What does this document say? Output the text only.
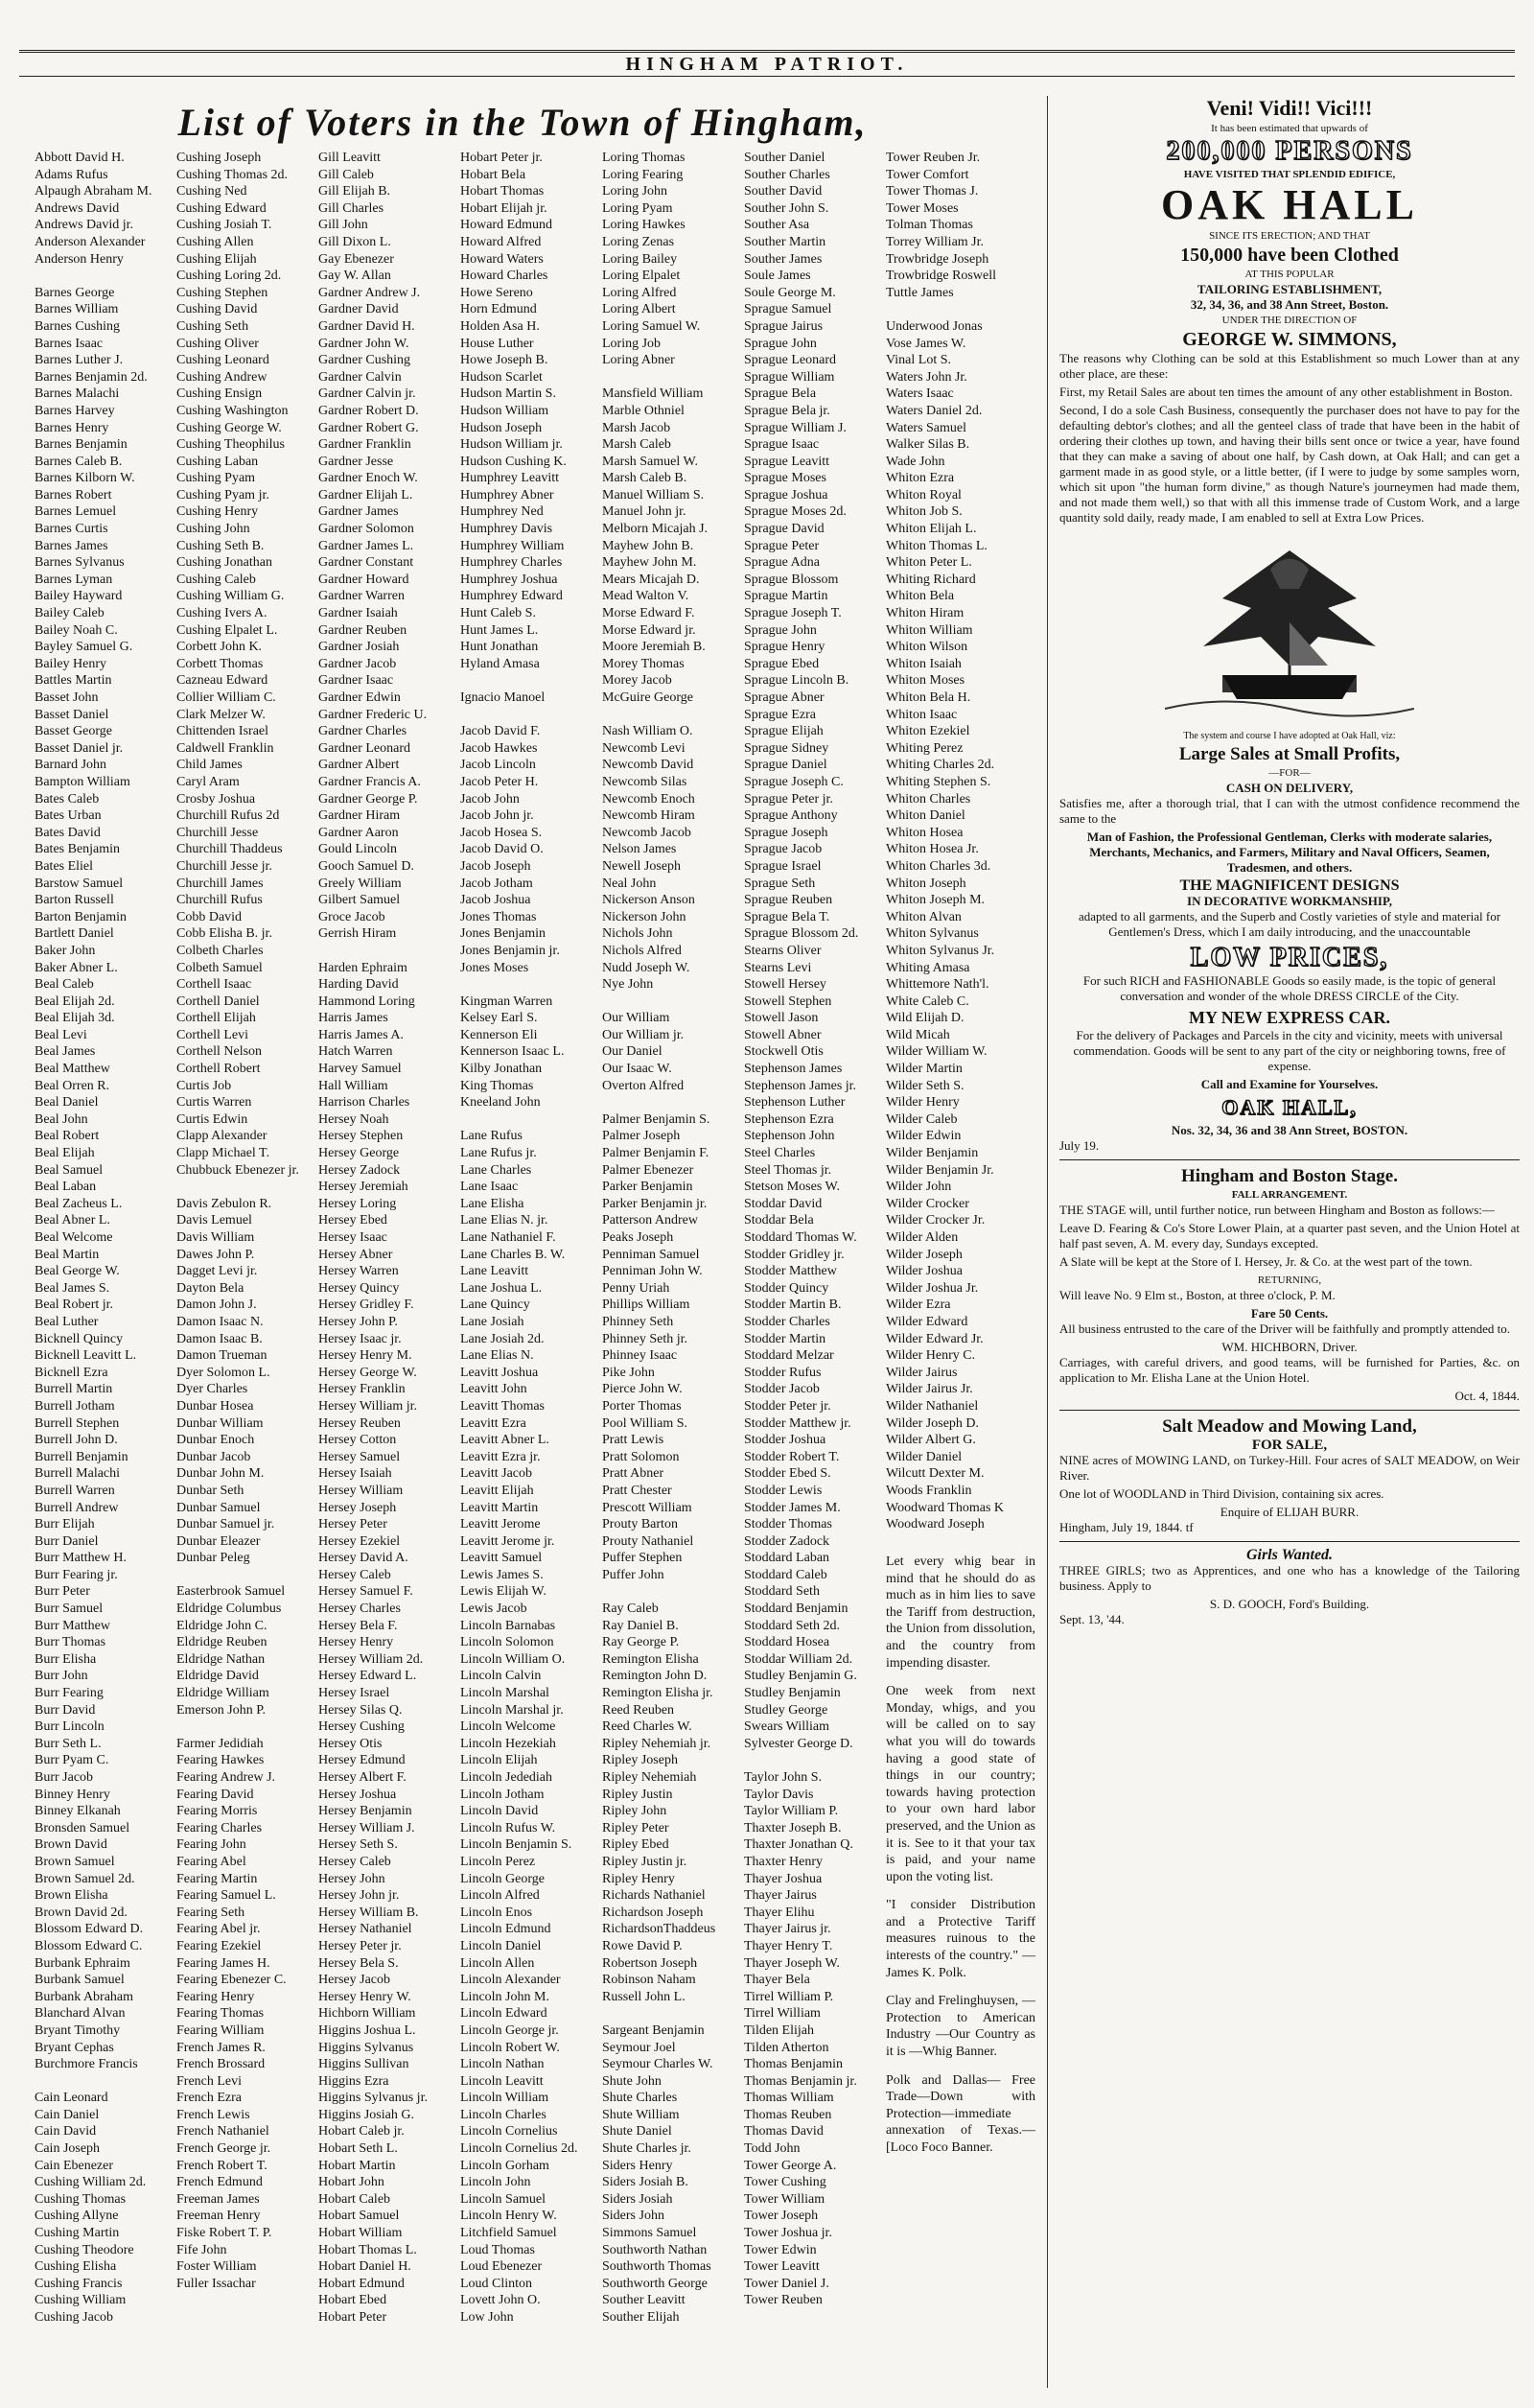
HINGHAM PATRIOT.
List of Voters in the Town of Hingham,
Abbott David H.
Adams Rufus
Alpaugh Abraham M.
Andrews David
Andrews David jr.
Anderson Alexander
Anderson Henry
Barnes George
Barnes William
Barnes Cushing
Barnes Isaac
Barnes Luther J.
Barnes Benjamin 2d.
Barnes Malachi
Barnes Harvey
Barnes Henry
Barnes Benjamin
Barnes Caleb B.
Barnes Kilborn W.
Barnes Robert
Barnes Lemuel
Barnes Curtis
Barnes James
Barnes Sylvanus
Barnes Lyman
Bailey Hayward
Bailey Caleb
Bailey Noah C.
Bayley Samuel G.
Bailey Henry
Battles Martin
Basset John
Basset Daniel
Basset George
Basset Daniel jr.
Barnard John
Bampton William
Bates Caleb
Bates Urban
Bates David
Bates Benjamin
Bates Eliel
Barstow Samuel
Barton Russell
Barton Benjamin
Bartlett Daniel
Baker John
Baker Abner L.
Beal Caleb
Beal Elijah 2d.
Beal Elijah 3d.
Beal Levi
Beal James
Beal Matthew
Beal Orren R.
Beal Daniel
Beal John
Beal Robert
Beal Elijah
Beal Samuel
Beal Laban
Beal Zacheus L.
Beal Abner L.
Beal Welcome
Beal Martin
Beal George W.
Beal James S.
Beal Robert jr.
Beal Luther
Bicknell Quincy
Bicknell Leavitt L.
Bicknell Ezra
Burrell Martin
Burrell Jotham
Burrell Stephen
Burrell John D.
Burrell Benjamin
Burrell Malachi
Burrell Warren
Burrell Andrew
Burr Elijah
Burr Daniel
Burr Matthew H.
Burr Fearing jr.
Burr Peter
Burr Samuel
Burr Matthew
Burr Thomas
Burr Elisha
Burr John
Burr Fearing
Burr David
Burr Lincoln
Burr Seth L.
Burr Pyam C.
Burr Jacob
Binney Henry
Binney Elkanah
Bronsden Samuel
Brown David
Brown Samuel
Brown Samuel 2d.
Brown Elisha
Brown David 2d.
Blossom Edward D.
Blossom Edward C.
Burbank Ephraim
Burbank Samuel
Burbank Abraham
Blanchard Alvan
Bryant Timothy
Bryant Cephas
Burchmore Francis
Cain Leonard
Cain Daniel
Cain David
Cain Joseph
Cain Ebenezer
Cushing William 2d.
Cushing Thomas
Cushing Allyne
Cushing Martin
Cushing Theodore
Cushing Elisha
Cushing Francis
Cushing William
Cushing Jacob
Cushing Joseph
Cushing Thomas 2d.
Cushing Ned
Cushing Edward
Cushing Josiah T.
Cushing Allen
Cushing Elijah
Cushing Loring 2d.
Cushing Stephen
Cushing David
Cushing Seth
Cushing Oliver
Cushing Leonard
Cushing Andrew
Cushing Ensign
Cushing Washington
Cushing George W.
Cushing Theophilus
Cushing Laban
Cushing Pyam
Cushing Pyam jr.
Cushing Henry
Cushing John
Cushing Seth B.
Cushing Jonathan
Cushing Caleb
Cushing William G.
Cushing Ivers A.
Cushing Elpalet L.
Corbett John K.
Corbett Thomas
Cazneau Edward
Collier William C.
Clark Melzer W.
Chittenden Israel
Caldwell Franklin
Child James
Caryl Aram
Crosby Joshua
Churchill Rufus 2d
Churchill Jesse
Churchill Thaddeus
Churchill Jesse jr.
Churchill James
Churchill Rufus
Cobb David
Cobb Elisha B. jr.
Colbeth Charles
Colbeth Samuel
Corthell Isaac
Corthell Daniel
Corthell Elijah
Corthell Levi
Corthell Nelson
Corthell Robert
Curtis Job
Curtis Warren
Curtis Edwin
Clapp Alexander
Clapp Michael T.
Chubbuck Ebenezer jr.
Davis Zebulon R.
Davis Lemuel
Davis William
Dawes John P.
Dagget Levi jr.
Dayton Bela
Damon John J.
Damon Isaac N.
Damon Isaac B.
Damon Trueman
Dyer Solomon L.
Dyer Charles
Dunbar Hosea
Dunbar William
Dunbar Enoch
Dunbar Jacob
Dunbar John M.
Dunbar Seth
Dunbar Samuel
Dunbar Samuel jr.
Dunbar Eleazer
Dunbar Peleg
Easterbrook Samuel
Eldridge Columbus
Eldridge John C.
Eldridge Reuben
Eldridge Nathan
Eldridge David
Eldridge William
Emerson John P.
Farmer Jedidiah
Fearing Hawkes
Fearing Andrew J.
Fearing David
Fearing Morris
Fearing Charles
Fearing John
Fearing Abel
Fearing Martin
Fearing Samuel L.
Fearing Seth
Fearing Abel jr.
Fearing Ezekiel
Fearing James H.
Fearing Ebenezer C.
Fearing Henry
Fearing Thomas
Fearing William
French James R.
French Brossard
French Levi
French Ezra
French Lewis
French Nathaniel
French George jr.
French Robert T.
French Edmund
Freeman James
Freeman Henry
Fiske Robert T. P.
Fife John
Foster William
Fuller Issachar
Gill Leavitt
Gill Caleb
Gill Elijah B.
Gill Charles
Gill John
Gill Dixon L.
Gay Ebenezer
Gay W. Allan
Gardner Andrew J.
Gardner David
Gardner David H.
Gardner John W.
Gardner Cushing
Gardner Calvin
Gardner Calvin jr.
Gardner Robert D.
Gardner Robert G.
Gardner Franklin
Gardner Jesse
Gardner Enoch W.
Gardner Elijah L.
Gardner James
Gardner Solomon
Gardner James L.
Gardner Constant
Gardner Howard
Gardner Warren
Gardner Isaiah
Gardner Reuben
Gardner Josiah
Gardner Jacob
Gardner Isaac
Gardner Edwin
Gardner Frederic U.
Gardner Charles
Gardner Leonard
Gardner Albert
Gardner Francis A.
Gardner George P.
Gardner Hiram
Gardner Aaron
Gould Lincoln
Gooch Samuel D.
Greely William
Gilbert Samuel
Groce Jacob
Gerrish Hiram
Harden Ephraim
Harding David
Hammond Loring
Harris James
Harris James A.
Hatch Warren
Harvey Samuel
Hall William
Harrison Charles
Hersey Noah
Hersey Stephen
Hersey George
Hersey Zadock
Hersey Jeremiah
Hersey Loring
Hersey Ebed
Hersey Isaac
Hersey Abner
Hersey Warren
Hersey Quincy
Hersey Gridley F.
Hersey John P.
Hersey Isaac jr.
Hersey Henry M.
Hersey George W.
Hersey Franklin
Hersey William jr.
Hersey Reuben
Hersey Cotton
Hersey Samuel
Hersey Isaiah
Hersey William
Hersey Joseph
Hersey Peter
Hersey Ezekiel
Hersey David A.
Hersey Caleb
Hersey Samuel F.
Hersey Charles
Hersey Bela F.
Hersey Henry
Hersey William 2d.
Hersey Edward L.
Hersey Israel
Hersey Silas Q.
Hersey Cushing
Hersey Otis
Hersey Edmund
Hersey Albert F.
Hersey Joshua
Hersey Benjamin
Hersey William J.
Hersey Seth S.
Hersey Caleb
Hersey John
Hersey John jr.
Hersey William B.
Hersey Nathaniel
Hersey Peter jr.
Hersey Bela S.
Hersey Jacob
Hersey Henry W.
Hichborn William
Higgins Joshua L.
Higgins Sylvanus
Higgins Sullivan
Higgins Ezra
Higgins Sylvanus jr.
Higgins Josiah G.
Hobart Caleb jr.
Hobart Seth L.
Hobart Martin
Hobart John
Hobart Caleb
Hobart Samuel
Hobart William
Hobart Thomas L.
Hobart Daniel H.
Hobart Edmund
Hobart Ebed
Hobart Peter
Hobart Peter jr.
Hobart Bela
Hobart Thomas
Hobart Elijah jr.
Howard Edmund
Howard Alfred
Howard Waters
Howard Charles
Howe Sereno
Horn Edmund
Holden Asa H.
House Luther
Howe Joseph B.
Hudson Scarlet
Hudson Martin S.
Hudson William
Hudson Joseph
Hudson William jr.
Hudson Cushing K.
Humphrey Leavitt
Humphrey Abner
Humphrey Ned
Humphrey Davis
Humphrey William
Humphrey Charles
Humphrey Joshua
Humphrey Edward
Hunt Caleb S.
Hunt James L.
Hunt Jonathan
Hyland Amasa
Ignacio Manoel
Jacob David F.
Jacob Hawkes
Jacob Lincoln
Jacob Peter H.
Jacob John
Jacob John jr.
Jacob Hosea S.
Jacob David O.
Jacob Joseph
Jacob Jotham
Jacob Joshua
Jones Thomas
Jones Benjamin
Jones Benjamin jr.
Jones Moses
Kingman Warren
Kelsey Earl S.
Kennerson Eli
Kennerson Isaac L.
Kilby Jonathan
King Thomas
Kneeland John
Lane Rufus
Lane Rufus jr.
Lane Charles
Lane Isaac
Lane Elisha
Lane Elias N. jr.
Lane Nathaniel F.
Lane Charles B. W.
Lane Leavitt
Lane Joshua L.
Lane Quincy
Lane Josiah
Lane Josiah 2d.
Lane Elias N.
Leavitt Joshua
Leavitt John
Leavitt Thomas
Leavitt Ezra
Leavitt Abner L.
Leavitt Ezra jr.
Leavitt Jacob
Leavitt Elijah
Leavitt Martin
Leavitt Jerome
Leavitt Jerome jr.
Leavitt Samuel
Lewis James S.
Lewis Elijah W.
Lewis Jacob
Lincoln Barnabas
Lincoln Solomon
Lincoln William O.
Lincoln Calvin
Lincoln Marshal
Lincoln Marshal jr.
Lincoln Welcome
Lincoln Hezekiah
Lincoln Elijah
Lincoln Jedediah
Lincoln Jotham
Lincoln David
Lincoln Rufus W.
Lincoln Benjamin S.
Lincoln Perez
Lincoln George
Lincoln Alfred
Lincoln Enos
Lincoln Edmund
Lincoln Daniel
Lincoln Allen
Lincoln Alexander
Lincoln John M.
Lincoln Edward
Lincoln George jr.
Lincoln Robert W.
Lincoln Nathan
Lincoln Leavitt
Lincoln William
Lincoln Charles
Lincoln Cornelius
Lincoln Cornelius 2d.
Lincoln Gorham
Lincoln John
Lincoln Samuel
Lincoln Henry W.
Litchfield Samuel
Loud Thomas
Loud Ebenezer
Loud Clinton
Lovett John O.
Low John
Loring Thomas
Loring Fearing
Loring John
Loring Pyam
Loring Hawkes
Loring Zenas
Loring Bailey
Loring Elpalet
Loring Alfred
Loring Albert
Loring Samuel W.
Loring Job
Loring Abner
Mansfield William
Marble Othniel
Marsh Jacob
Marsh Caleb
Marsh Samuel W.
Marsh Caleb B.
Manuel William S.
Manuel John jr.
Melborn Micajah J.
Mayhew John B.
Mayhew John M.
Mears Micajah D.
Mead Walton V.
Morse Edward F.
Morse Edward jr.
Moore Jeremiah B.
Morey Thomas
Morey Jacob
McGuire George
Nash William O.
Newcomb Levi
Newcomb David
Newcomb Silas
Newcomb Enoch
Newcomb Hiram
Newcomb Jacob
Nelson James
Newell Joseph
Neal John
Nickerson Anson
Nickerson John
Nichols John
Nichols Alfred
Nudd Joseph W.
Nye John
Our William
Our William jr.
Our Daniel
Our Isaac W.
Overton Alfred
Palmer Benjamin S.
Palmer Joseph
Palmer Benjamin F.
Palmer Ebenezer
Parker Benjamin
Parker Benjamin jr.
Patterson Andrew
Peaks Joseph
Penniman Samuel
Penniman John W.
Penny Uriah
Phillips William
Phinney Seth
Phinney Seth jr.
Phinney Isaac
Pike John
Pierce John W.
Porter Thomas
Pool William S.
Pratt Lewis
Pratt Solomon
Pratt Abner
Pratt Chester
Prescott William
Prouty Barton
Prouty Nathaniel
Puffer Stephen
Puffer John
Ray Caleb
Ray Daniel B.
Ray George P.
Remington Elisha
Remington John D.
Remington Elisha jr.
Reed Reuben
Reed Charles W.
Ripley Nehemiah jr.
Ripley Joseph
Ripley Nehemiah
Ripley Justin
Ripley John
Ripley Peter
Ripley Ebed
Ripley Justin jr.
Ripley Henry
Richards Nathaniel
Richardson Joseph
RichardsonThaddeus
Rowe David P.
Robertson Joseph
Robinson Naham
Russell John L.
Sargeant Benjamin
Seymour Joel
Seymour Charles W.
Shute John
Shute Charles
Shute William
Shute Daniel
Shute Charles jr.
Siders Henry
Siders Josiah B.
Siders Josiah
Siders John
Simmons Samuel
Southworth Nathan
Southworth Thomas
Southworth George
Souther Leavitt
Souther Elijah
Souther Daniel
Souther Charles
Souther David
Souther John S.
Souther Asa
Souther Martin
Souther James
Soule James
Soule George M.
Sprague Samuel
Sprague Jairus
Sprague John
Sprague Leonard
Sprague William
Sprague Bela
Sprague Bela jr.
Sprague William J.
Sprague Isaac
Sprague Leavitt
Sprague Moses
Sprague Joshua
Sprague Moses 2d.
Sprague David
Sprague Peter
Sprague Adna
Sprague Blossom
Sprague Martin
Sprague Joseph T.
Sprague John
Sprague Henry
Sprague Ebed
Sprague Lincoln B.
Sprague Abner
Sprague Ezra
Sprague Elijah
Sprague Sidney
Sprague Daniel
Sprague Joseph C.
Sprague Peter jr.
Sprague Anthony
Sprague Joseph
Sprague Jacob
Sprague Israel
Sprague Seth
Sprague Reuben
Sprague Bela T.
Sprague Blossom 2d.
Stearns Oliver
Stearns Levi
Stowell Hersey
Stowell Stephen
Stowell Jason
Stowell Abner
Stockwell Otis
Stephenson James
Stephenson James jr.
Stephenson Luther
Stephenson Ezra
Stephenson John
Steel Charles
Steel Thomas jr.
Stetson Moses W.
Stoddar David
Stoddar Bela
Stoddard Thomas W.
Stodder Gridley jr.
Stodder Matthew
Stodder Quincy
Stodder Martin B.
Stodder Charles
Stodder Martin
Stoddard Melzar
Stodder Rufus
Stodder Jacob
Stodder Peter jr.
Stodder Matthew jr.
Stodder Joshua
Stodder Robert T.
Stodder Ebed S.
Stodder Lewis
Stodder James M.
Stodder Thomas
Stodder Zadock
Stoddard Laban
Stoddard Caleb
Stoddard Seth
Stoddard Benjamin
Stoddard Seth 2d.
Stoddard Hosea
Stoddar William 2d.
Studley Benjamin G.
Studley Benjamin
Studley George
Swears William
Sylvester George D.
Taylor John S.
Taylor Davis
Taylor William P.
Thaxter Joseph B.
Thaxter Jonathan Q.
Thaxter Henry
Thayer Joshua
Thayer Jairus
Thayer Elihu
Thayer Jairus jr.
Thayer Henry T.
Thayer Joseph W.
Thayer Bela
Tirrel William P.
Tirrel William
Tilden Elijah
Tilden Atherton
Thomas Benjamin
Thomas Benjamin jr.
Thomas William
Thomas Reuben
Thomas David
Todd John
Tower George A.
Tower Cushing
Tower William
Tower Joseph
Tower Joshua jr.
Tower Edwin
Tower Leavitt
Tower Daniel J.
Tower Reuben
Veni! Vidi!! Vici!!!
It has been estimated that upwards of
200,000 PERSONS
HAVE VISITED THAT SPLENDID EDIFICE,
OAK HALL
SINCE ITS ERECTION; AND THAT
150,000 have been Clothed
AT THIS POPULAR
TAILORING ESTABLISHMENT,
32, 34, 36, and 38 Ann Street, Boston.
UNDER THE DIRECTION OF
GEORGE W. SIMMONS,

The reasons why Clothing can be sold at this Establishment so much Lower than at any other place, are these:

First, my Retail Sales are about ten times the amount of any other establishment in Boston.

Second, I do a sole Cash Business, consequently the purchaser does not have to pay for the defaulting debtor's clothes; and all the genteel class of trade that have been in the habit of ordering their clothes up town, and having their bills sent once or twice a year, have found that they can make a saving of about one half, by Cash down, at Oak Hall; and can get a garment made in as good style, or a little better, (if I were to judge by some samples worn, which sit upon "the human form divine," as though Nature's journeymen had made them, and not made them well,) so that with all this immense trade of Custom Work, and a large quantity sold daily, ready made, I am enabled to sell at Extra Low Prices.

The system and course I have adopted at Oak Hall, viz:
Large Sales at Small Profits,
—FOR—
CASH ON DELIVERY,

Satisfies me, after a thorough trial, that I can with the utmost confidence recommend the same to the

Man of Fashion, the Professional Gentleman, Clerks with moderate salaries, Merchants, Mechanics, and Farmers, Military and Naval Officers, Seamen, Tradesmen, and others.

THE MAGNIFICENT DESIGNS
IN DECORATIVE WORKMANSHIP,

adapted to all garments, and the Superb and Costly varieties of style and material for Gentlemen's Dress, which I am daily introducing, and the unaccountable

LOW PRICES,

For such RICH and FASHIONABLE Goods so easily made, is the topic of general conversation and wonder of the whole DRESS CIRCLE of the City.

MY NEW EXPRESS CAR.

For the delivery of Packages and Parcels in the city and vicinity, meets with universal commendation. Goods will be sent to any part of the city or neighboring towns, free of expense.

Call and Examine for Yourselves.
OAK HALL,
Nos. 32, 34, 36 and 38 Ann Street, BOSTON.
July 19.
Hingham and Boston Stage.
FALL ARRANGEMENT.

THE STAGE will, until further notice, run between Hingham and Boston as follows:—

Leave D. Fearing & Co's Store Lower Plain, at a quarter past seven, and the Union Hotel at half past seven, A. M. every day, Sundays excepted.

A Slate will be kept at the Store of I. Hersey, Jr. & Co. at the west part of the town.

RETURNING,

Will leave No. 9 Elm st., Boston, at three o'clock, P. M.

Fare 50 Cents.

All business entrusted to the care of the Driver will be faithfully and promptly attended to.

WM. HICHBORN, Driver.

Carriages, with careful drivers, and good teams, will be furnished for Parties, &c. on application to Mr. Elisha Lane at the Union Hotel.

Oct. 4, 1844.
Salt Meadow and Mowing Land,
FOR SALE,

NINE acres of MOWING LAND, on Turkey-Hill. Four acres of SALT MEADOW, on Weir River.

One lot of WOODLAND in Third Division, containing six acres.

Enquire of ELIJAH BURR.
Hingham, July 19, 1844. tf
Girls Wanted.

THREE GIRLS; two as Apprentices, and one who has a knowledge of the Tailoring business. Apply to

S. D. GOOCH, Ford's Building.
Sept. 13, '44.
Tower Reuben Jr.
Tower Comfort
Tower Thomas J.
Tower Moses
Tolman Thomas
Torrey William Jr.
Trowbridge Joseph
Trowbridge Roswell
Tuttle James
Underwood Jonas
Vose James W.
Vinal Lot S.
Waters John Jr.
Waters Isaac
Waters Daniel 2d.
Waters Samuel
Walker Silas B.
Wade John
Whiton Ezra
Whiton Royal
Whiton Job S.
Whiton Elijah L.
Whiton Thomas L.
Whiton Peter L.
Whiting Richard
Whiton Bela
Whiton Hiram
Whiton William
Whiton Wilson
Whiton Isaiah
Whiton Moses
Whiton Bela H.
Whiton Isaac
Whiton Ezekiel
Whiting Perez
Whiting Charles 2d.
Whiting Stephen S.
Whiton Charles
Whiton Daniel
Whiton Hosea
Whiton Hosea Jr.
Whiton Charles 3d.
Whiton Joseph
Whiton Joseph M.
Whiton Alvan
Whiton Sylvanus
Whiton Sylvanus Jr.
Whiting Amasa
Whittemore Nath'l.
White Caleb C.
Wild Elijah D.
Wild Micah
Wilder William W.
Wilder Martin
Wilder Seth S.
Wilder Henry
Wilder Caleb
Wilder Edwin
Wilder Benjamin
Wilder Benjamin Jr.
Wilder John
Wilder Crocker
Wilder Crocker Jr.
Wilder Alden
Wilder Joseph
Wilder Joshua
Wilder Joshua Jr.
Wilder Ezra
Wilder Edward
Wilder Edward Jr.
Wilder Henry C.
Wilder Jairus
Wilder Jairus Jr.
Wilder Nathaniel
Wilder Joseph D.
Wilder Albert G.
Wilder Daniel
Wilcutt Dexter M.
Woods Franklin
Woodward Thomas K
Woodward Joseph

Let every whig bear in mind that he should do as much as in him lies to save the Tariff from destruction, the Union from dissolution, and the country from impending disaster.

One week from next Monday, whigs, and you will be called on to say what you will do towards having a good state of things in our country; towards having protection to your own hard labor preserved, and the Union as it is. See to it that your tax is paid, and your name upon the voting list.

"I consider Distribution and a Protective Tariff measures ruinous to the interests of the country." —James K. Polk.

Clay and Frelinghuysen, —Protection to American Industry —Our Country as it is —Whig Banner.

Polk and Dallas— Free Trade—Down with Protection—immediate annexation of Texas.—[Loco Foco Banner.
